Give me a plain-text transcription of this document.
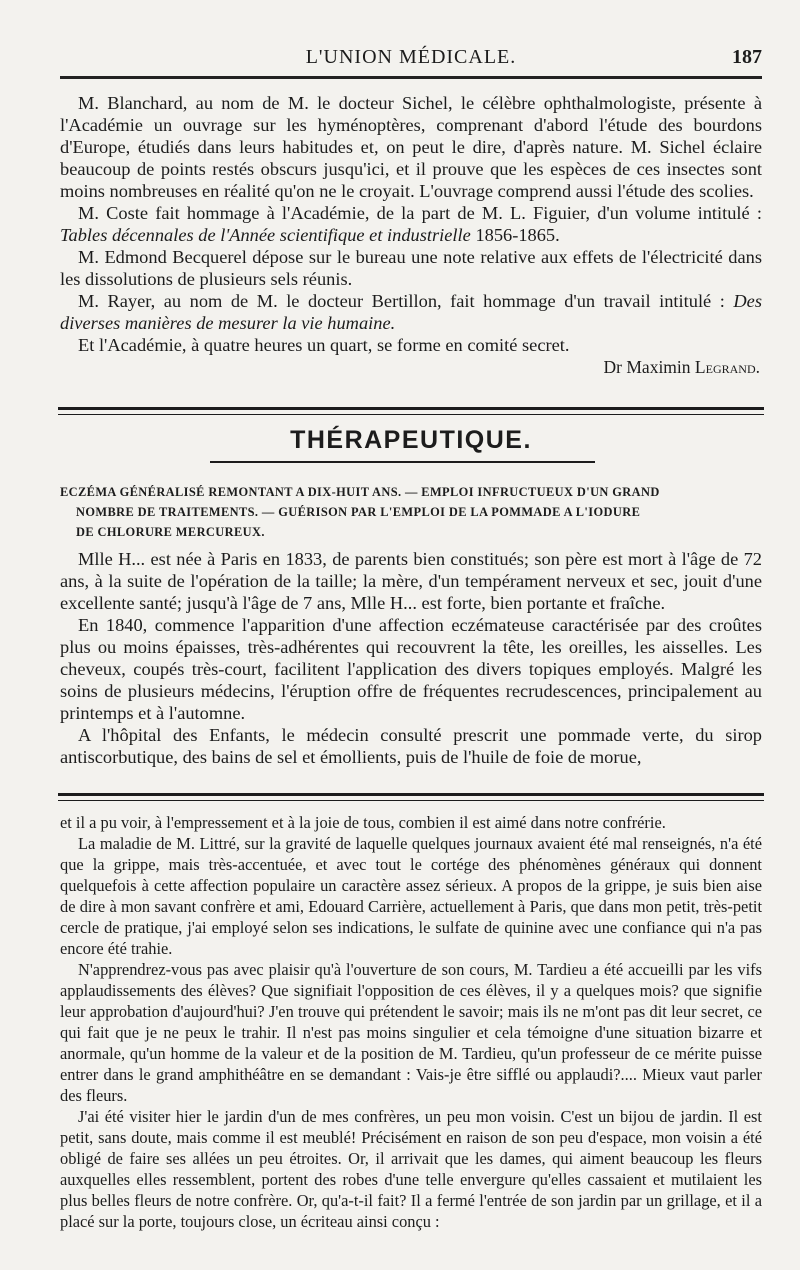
L'UNION MÉDICALE.	187

M. Blanchard, au nom de M. le docteur Sichel, le célèbre ophthalmologiste, présente à l'Académie un ouvrage sur les hyménoptères, comprenant d'abord l'étude des bourdons d'Europe, étudiés dans leurs habitudes et, on peut le dire, d'après nature. M. Sichel éclaire beaucoup de points restés obscurs jusqu'ici, et il prouve que les espèces de ces insectes sont moins nombreuses en réalité qu'on ne le croyait. L'ouvrage comprend aussi l'étude des scolies.

M. Coste fait hommage à l'Académie, de la part de M. L. Figuier, d'un volume intitulé : Tables décennales de l'Année scientifique et industrielle 1856-1865.

M. Edmond Becquerel dépose sur le bureau une note relative aux effets de l'électricité dans les dissolutions de plusieurs sels réunis.

M. Rayer, au nom de M. le docteur Bertillon, fait hommage d'un travail intitulé : Des diverses manières de mesurer la vie humaine.

Et l'Académie, à quatre heures un quart, se forme en comité secret.

Dr Maximin Legrand.
THÉRAPEUTIQUE.
ECZÉMA GÉNÉRALISÉ REMONTANT A DIX-HUIT ANS. — EMPLOI INFRUCTUEUX D'UN GRAND
NOMBRE DE TRAITEMENTS. — GUÉRISON PAR L'EMPLOI DE LA POMMADE A L'IODURE
DE CHLORURE MERCUREUX.

Mlle H... est née à Paris en 1833, de parents bien constitués; son père est mort à l'âge de 72 ans, à la suite de l'opération de la taille; la mère, d'un tempérament nerveux et sec, jouit d'une excellente santé; jusqu'à l'âge de 7 ans, Mlle H... est forte, bien portante et fraîche.

En 1840, commence l'apparition d'une affection eczémateuse caractérisée par des croûtes plus ou moins épaisses, très-adhérentes qui recouvrent la tête, les oreilles, les aisselles. Les cheveux, coupés très-court, facilitent l'application des divers topiques employés. Malgré les soins de plusieurs médecins, l'éruption offre de fréquentes recrudescences, principalement au printemps et à l'automne.

A l'hôpital des Enfants, le médecin consulté prescrit une pommade verte, du sirop antiscorbutique, des bains de sel et émollients, puis de l'huile de foie de morue,

et il a pu voir, à l'empressement et à la joie de tous, combien il est aimé dans notre confrérie.

La maladie de M. Littré, sur la gravité de laquelle quelques journaux avaient été mal renseignés, n'a été que la grippe, mais très-accentuée, et avec tout le cortége des phénomènes généraux qui donnent quelquefois à cette affection populaire un caractère assez sérieux. A propos de la grippe, je suis bien aise de dire à mon savant confrère et ami, Edouard Carrière, actuellement à Paris, que dans mon petit, très-petit cercle de pratique, j'ai employé selon ses indications, le sulfate de quinine avec une confiance qui n'a pas encore été trahie.

N'apprendrez-vous pas avec plaisir qu'à l'ouverture de son cours, M. Tardieu a été accueilli par les vifs applaudissements des élèves? Que signifiait l'opposition de ces élèves, il y a quelques mois? que signifie leur approbation d'aujourd'hui? J'en trouve qui prétendent le savoir; mais ils ne m'ont pas dit leur secret, ce qui fait que je ne peux le trahir. Il n'est pas moins singulier et cela témoigne d'une situation bizarre et anormale, qu'un homme de la valeur et de la position de M. Tardieu, qu'un professeur de ce mérite puisse entrer dans le grand amphithéâtre en se demandant : Vais-je être sifflé ou applaudi?.... Mieux vaut parler des fleurs.

J'ai été visiter hier le jardin d'un de mes confrères, un peu mon voisin. C'est un bijou de jardin. Il est petit, sans doute, mais comme il est meublé! Précisément en raison de son peu d'espace, mon voisin a été obligé de faire ses allées un peu étroites. Or, il arrivait que les dames, qui aiment beaucoup les fleurs auxquelles elles ressemblent, portent des robes d'une telle envergure qu'elles cassaient et mutilaient les plus belles fleurs de notre confrère. Or, qu'a-t-il fait? Il a fermé l'entrée de son jardin par un grillage, et il a placé sur la porte, toujours close, un écriteau ainsi conçu :
